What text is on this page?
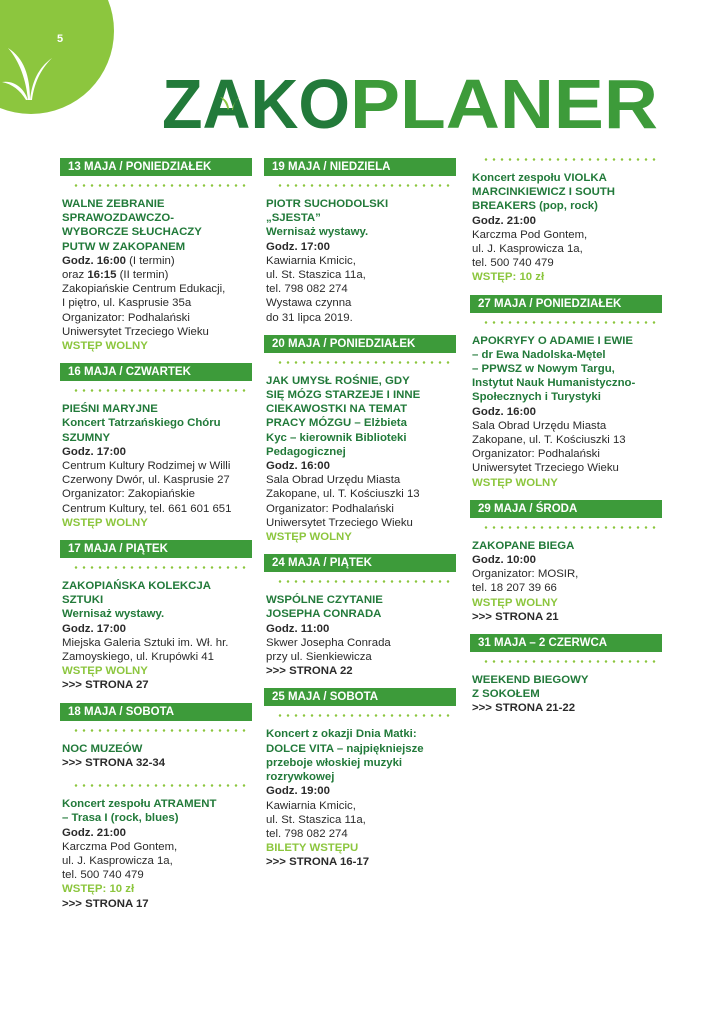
5
ZAKO PLANER
13 MAJA / PONIEDZIAŁEK
WALNE ZEBRANIE
SPRAWOZDAWCZO-
WYBORCZE SŁUCHACZY
PUTW W ZAKOPANEM
Godz. 16:00 (I termin)
oraz 16:15 (II termin)
Zakopiańskie Centrum Edukacji,
I piętro, ul. Kasprusie 35a
Organizator: Podhalański
Uniwersytet Trzeciego Wieku
WSTĘP WOLNY
16 MAJA / CZWARTEK
PIEŚNI MARYJNE
Koncert Tatrzańskiego Chóru
SZUMNY
Godz. 17:00
Centrum Kultury Rodzimej w Willi
Czerwony Dwór, ul. Kasprusie 27
Organizator: Zakopiańskie
Centrum Kultury, tel. 661 601 651
WSTĘP WOLNY
17 MAJA / PIĄTEK
ZAKOPIAŃSKA KOLEKCJA
SZTUKI
Wernisaż wystawy.
Godz. 17:00
Miejska Galeria Sztuki im. Wł. hr.
Zamoyskiego, ul. Krupówki 41
WSTĘP WOLNY
>>> STRONA 27
18 MAJA / SOBOTA
NOC MUZEÓW
>>> STRONA 32-34
Koncert zespołu ATRAMENT
– Trasa I (rock, blues)
Godz. 21:00
Karczma Pod Gontem,
ul. J. Kasprowicza 1a,
tel. 500 740 479
WSTĘP: 10 zł
>>> STRONA 17
19 MAJA / NIEDZIELA
PIOTR SUCHODOLSKI
„SJESTA”
Wernisaż wystawy.
Godz. 17:00
Kawiarnia Kmicic,
ul. St. Staszica 11a,
tel. 798 082 274
Wystawa czynna
do 31 lipca 2019.
20 MAJA / PONIEDZIAŁEK
JAK UMYSŁ ROŚNIE, GDY
SIĘ MÓZG STARZEJE I INNE
CIEKAWOSTKI NA TEMAT
PRACY MÓZGU – Elżbieta
Kyc – kierownik Biblioteki
Pedagogicznej
Godz. 16:00
Sala Obrad Urzędu Miasta
Zakopane, ul. T. Kościuszki 13
Organizator: Podhalański
Uniwersytet Trzeciego Wieku
WSTĘP WOLNY
24 MAJA / PIĄTEK
WSPÓLNE CZYTANIE
JOSEPHA CONRADA
Godz. 11:00
Skwer Josepha Conrada
przy ul. Sienkiewicza
>>> STRONA 22
25 MAJA / SOBOTA
Koncert z okazji Dnia Matki:
DOLCE VITA – najpiękniejsze
przeboje włoskiej muzyki
rozrywkowej
Godz. 19:00
Kawiarnia Kmicic,
ul. St. Staszica 11a,
tel. 798 082 274
BILETY WSTĘPU
>>> STRONA 16-17
Koncert zespołu VIOLKA
MARCINKIEWICZ I SOUTH
BREAKERS (pop, rock)
Godz. 21:00
Karczma Pod Gontem,
ul. J. Kasprowicza 1a,
tel. 500 740 479
WSTĘP: 10 zł
27 MAJA / PONIEDZIAŁEK
APOKRYFY O ADAMIE I EWIE
– dr Ewa Nadolska-Mętel
– PPWSZ w Nowym Targu,
Instytut Nauk Humanistyczno-
Społecznych i Turystyki
Godz. 16:00
Sala Obrad Urzędu Miasta
Zakopane, ul. T. Kościuszki 13
Organizator: Podhalański
Uniwersytet Trzeciego Wieku
WSTĘP WOLNY
29 MAJA / ŚRODA
ZAKOPANE BIEGA
Godz. 10:00
Organizator: MOSIR,
tel. 18 207 39 66
WSTĘP WOLNY
>>> STRONA 21
31 MAJA – 2 CZERWCA
WEEKEND BIEGOWY
Z SOKOŁEM
>>> STRONA 21-22
